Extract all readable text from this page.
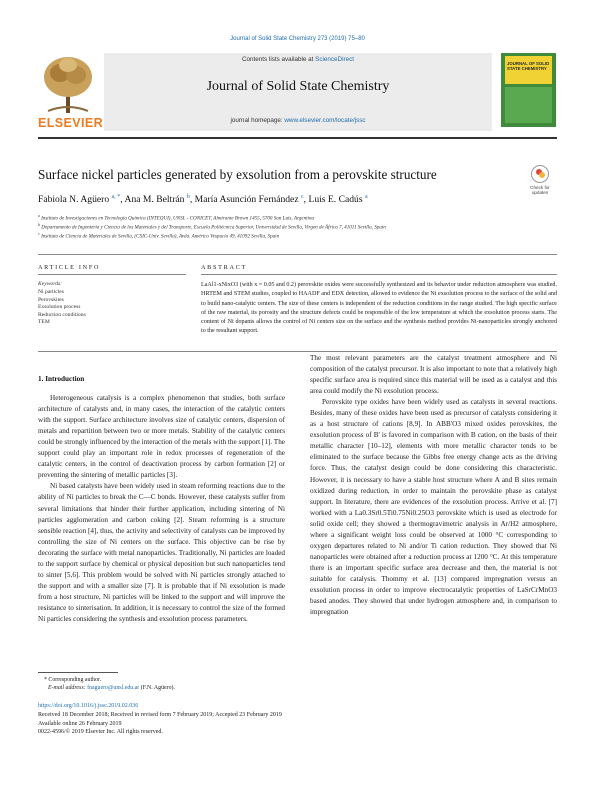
Journal of Solid State Chemistry 273 (2019) 75–80
ELSEVIER
Contents lists available at ScienceDirect
Journal of Solid State Chemistry
journal homepage: www.elsevier.com/locate/jssc
JOURNAL OF SOLID STATE CHEMISTRY
Surface nickel particles generated by exsolution from a perovskite structure
Check for updates
Fabiola N. Agüero $^{a, *}$, Ana M. Beltrán $^b$, María Asunción Fernández $^c$, Luis E. Cadús $^a$
$^a$ Instituto de Investigaciones en Tecnología Química (INTEQUI), UNSL - CONICET, Almirante Brown 1455, 5700 San Luis, Argentina
$^b$ Departamento de Ingeniería y Ciencia de los Materiales y del Transporte, Escuela Politécnica Superior, Universidad de Sevilla, Virgen de África 7, 41011 Sevilla, Spain
$^c$ Instituto de Ciencia de Materiales de Sevilla, (CSIC-Univ. Sevilla), Avda. Américo Vespucio 49, 41092 Sevilla, Spain
ARTICLE INFO	ABSTRACT
Keywords:
Ni particles
Perovskites
Exsolution process
Reduction conditions
TEM
LaAl1-xNixO3 (with x = 0.05 and 0.2) perovskite oxides were successfully synthesized and its behavior under reduction atmosphere was studied. HRTEM and STEM studies, coupled to HAADF and EDX detection, allowed to evidence the Ni exsolution process to the surface of the solid and to build nano-catalytic centers. The size of these centers is independent of the reduction conditions in the range studied. The high specific surface of the raw material, its porosity and the structure defects could be responsible of the low temperature at which the exsolution process starts. The content of Ni dopants allows the control of Ni centers size on the surface and the synthesis method provides Ni-nanoparticles strongly anchored to the resultant support.

1. Introduction

Heterogeneous catalysis is a complex phenomenon that studies, both surface architecture of catalysts and, in many cases, the interaction of the catalytic centers with the support. Surface architecture involves size of catalytic centers, dispersion of metals and repartition between two or more metals. Stability of the catalytic centers could be strongly influenced by the interaction of the metals with the support [1]. The support could play an important role in redox processes of regeneration of the catalytic centers, in the control of deactivation process by carbon formation [2] or preventing the sintering of metallic particles [3].

Ni based catalysts have been widely used in steam reforming reactions due to the ability of Ni particles to break the C—C bonds. However, these catalysts suffer from several limitations that hinder their further application, including sintering of Ni particles agglomeration and carbon coking [2]. Steam reforming is a structure sensible reaction [4], thus, the activity and selectivity of catalysts can be improved by controlling the size of Ni centers on the surface. This objective can be rise by decorating the surface with metal nanoparticles. Traditionally, Ni particles are loaded to the support surface by chemical or physical deposition but such nanoparticles tend to sinter [5,6]. This problem would be solved with Ni particles strongly attached to the support and with a smaller size [7]. It is probable that if Ni exsolution is made from a host structure, Ni particles will be linked to the support and will improve the resistance to sinterisation. In addition, it is necessary to control the size of the formed Ni particles considering the synthesis and exsolution process parameters.

The most relevant parameters are the catalyst treatment atmosphere and Ni composition of the catalyst precursor. It is also important to note that a relatively high specific surface area is required since this material will be used as a catalyst and this area could modify the Ni exsolution process.

Perovskite type oxides have been widely used as catalysts in several reactions. Besides, many of these oxides have been used as precursor of catalysts considering it as a host structure of cations [8,9]. In ABB'O3 mixed oxides perovskites, the exsolution process of B' is favored in comparison with B cation, on the basis of their metallic character [10–12], elements with more metallic character tends to be eliminated to the surface because the Gibbs free energy change acts as the driving force. Thus, the catalyst design could be done considering this characteristic. However, it is necessary to have a stable host structure where A and B sites remain oxidized during reduction, in order to maintain the perovskite phase as catalyst support. In literature, there are evidences of the exsolution process. Arrive et al. [7] worked with a La0.3Sr0.5Ti0.75Ni0.25O3 perovskite which is used as electrode for solid oxide cell; they showed a thermogravimetric analysis in Ar/H2 atmosphere, where a significant weight loss could be observed at 1000 °C corresponding to oxygen departures related to Ni and/or Ti cation reduction. They showed that Ni nanoparticles were obtained after a reduction process at 1200 °C. At this temperature there is an important specific surface area decrease and then, the material is not suitable for catalysis. Thommy et al. [13] compared impregnation versus an exsolution process in order to improve electrocatalytic properties of LaSrCrMnO3 based anodes. They showed that under hydrogen atmosphere and, in comparison to impregnation

* Corresponding author.
E-mail address: fnaguero@unsl.edu.ar (F.N. Agüero).
https://doi.org/10.1016/j.jssc.2019.02.036
Received 18 December 2018; Received in revised form 7 February 2019; Accepted 23 February 2019
Available online 26 February 2019
0022-4596/© 2019 Elsevier Inc. All rights reserved.
